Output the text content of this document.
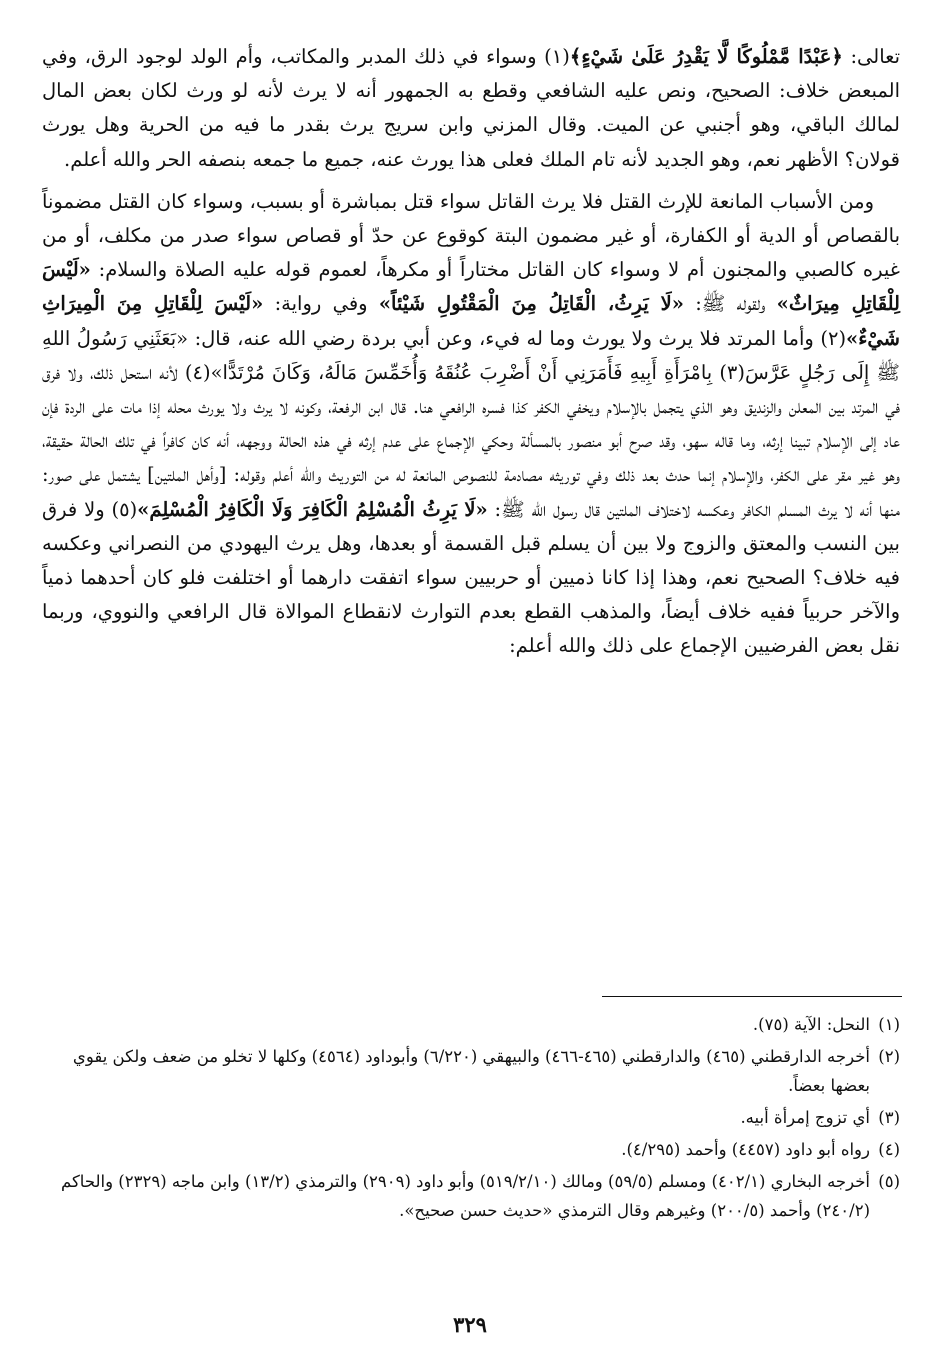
تعالى: ﴿عَبْدًا مَّمْلُوكًا لَّا يَقْدِرُ عَلَىٰ شَيْءٍ﴾(١) وسواء في ذلك المدبر والمكاتب، وأم الولد لوجود الرق، وفي المبعض خلاف: الصحيح، ونص عليه الشافعي وقطع به الجمهور أنه لا يرث لأنه لو ورث لكان بعض المال لمالك الباقي، وهو أجنبي عن الميت. وقال المزني وابن سريج يرث بقدر ما فيه من الحرية وهل يورث قولان؟ الأظهر نعم، وهو الجديد لأنه تام الملك فعلى هذا يورث عنه، جميع ما جمعه بنصفه الحر والله أعلم.

ومن الأسباب المانعة للإرث القتل فلا يرث القاتل سواء قتل بمباشرة أو بسبب، وسواء كان القتل مضموناً بالقصاص أو الدية أو الكفارة، أو غير مضمون البتة كوقوع عن حدّ أو قصاص سواء صدر من مكلف، أو من غيره كالصبي والمجنون أم لا وسواء كان القاتل مختاراً أو مكرهاً، لعموم قوله عليه الصلاة والسلام: «لَيْسَ لِلْقَاتِلِ مِيرَاثٌ» ولقوله ﷺ: «لَا يَرِثُ، الْقَاتِلُ مِنَ الْمَقْتُولِ شَيْئاً» وفي رواية: «لَيْسَ لِلْقَاتِلِ مِنَ الْمِيرَاثِ شَيْءٌ»(٢) وأما المرتد فلا يرث ولا يورث وما له فيء، وعن أبي بردة رضي الله عنه، قال: «بَعَثَنِي رَسُولُ اللهِ ﷺ إِلَى رَجُلٍ عَرَّسَ(٣) بِامْرَأَةِ أَبِيهِ فَأَمَرَنِي أَنْ أَضْرِبَ عُنُقَهُ وَأُخَمِّسَ مَالَهُ، وَكَانَ مُرْتَدًّا»(٤) لأنه استحل ذلك، ولا فرق في المرتد بين المعلن والزنديق وهو الذي يتجمل بالإسلام ويخفي الكفر كذا فسره الرافعي هنا. قال ابن الرفعة، وكونه لا يرث ولا يورث محله إذا مات على الردة فإن عاد إلى الإسلام تبينا إرثه، وما قاله سهو، وقد صرح أبو منصور بالمسألة وحكي الإجماع على عدم إرثه في هذه الحالة ووجهه، أنه كان كافراً في تلك الحالة حقيقة، وهو غير مقر على الكفر، والإسلام إنما حدث بعد ذلك وفي توريثه مصادمة للنصوص المانعة له من التوريث والله أعلم وقوله: [وأهل الملتين] يشتمل على صور: منها أنه لا يرث المسلم الكافر وعكسه لاختلاف الملتين قال رسول الله ﷺ: «لَا يَرِثُ الْمُسْلِمُ الْكَافِرَ وَلَا الْكَافِرُ الْمُسْلِمَ»(٥) ولا فرق بين النسب والمعتق والزوج ولا بين أن يسلم قبل القسمة أو بعدها، وهل يرث اليهودي من النصراني وعكسه فيه خلاف؟ الصحيح نعم، وهذا إذا كانا ذميين أو حربيين سواء اتفقت دارهما أو اختلفت فلو كان أحدهما ذمياً والآخر حربياً ففيه خلاف أيضاً، والمذهب القطع بعدم التوارث لانقطاع الموالاة قال الرافعي والنووي، وربما نقل بعض الفرضيين الإجماع على ذلك والله أعلم:

(١)
النحل: الآية (٧٥).
(٢)
أخرجه الدارقطني (٤٦٥) والدارقطني (٤٦٥-٤٦٦) والبيهقي (٦/٢٢٠) وأبوداود (٤٥٦٤) وكلها لا تخلو من ضعف ولكن يقوي بعضها بعضاً.
(٣)
أي تزوج إمرأة أبيه.
(٤)
رواه أبو داود (٤٤٥٧) وأحمد (٤/٢٩٥).
(٥)
أخرجه البخاري (٤٠٢/١) ومسلم (٥٩/٥) ومالك (٥١٩/٢/١٠) وأبو داود (٢٩٠٩) والترمذي (١٣/٢) وابن ماجه (٢٣٢٩) والحاكم (٢٤٠/٢) وأحمد (٢٠٠/٥) وغيرهم وقال الترمذي «حديث حسن صحيح».
٣٢٩
